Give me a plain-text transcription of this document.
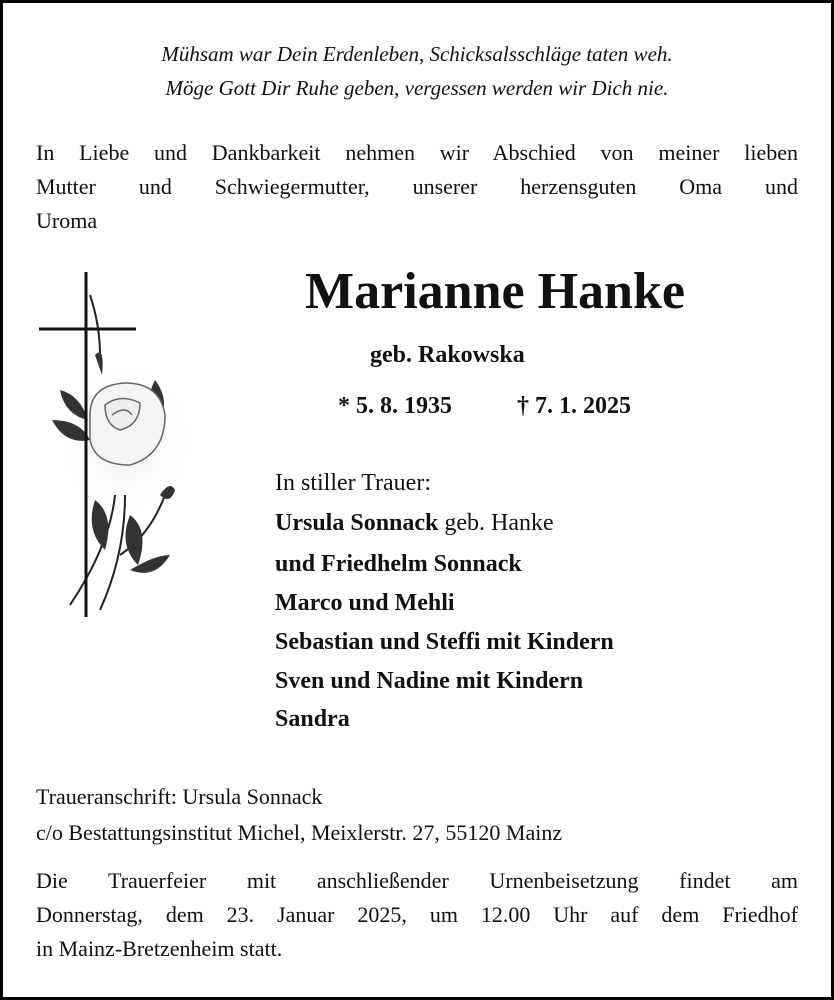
Mühsam war Dein Erdenleben, Schicksalsschläge taten weh.
Möge Gott Dir Ruhe geben, vergessen werden wir Dich nie.
In Liebe und Dankbarkeit nehmen wir Abschied von meiner lieben
Mutter und Schwiegermutter, unserer herzensguten Oma und
Uroma
Marianne Hanke
geb. Rakowska
* 5. 8. 1935	† 7. 1. 2025
In stiller Trauer:
Ursula Sonnack geb. Hanke
und Friedhelm Sonnack
Marco und Mehli
Sebastian und Steffi mit Kindern
Sven und Nadine mit Kindern
Sandra
Traueranschrift: Ursula Sonnack
c/o Bestattungsinstitut Michel, Meixlerstr. 27, 55120 Mainz
Die Trauerfeier mit anschließender Urnenbeisetzung findet am
Donnerstag, dem 23. Januar 2025, um 12.00 Uhr auf dem Friedhof
in Mainz-Bretzenheim statt.
